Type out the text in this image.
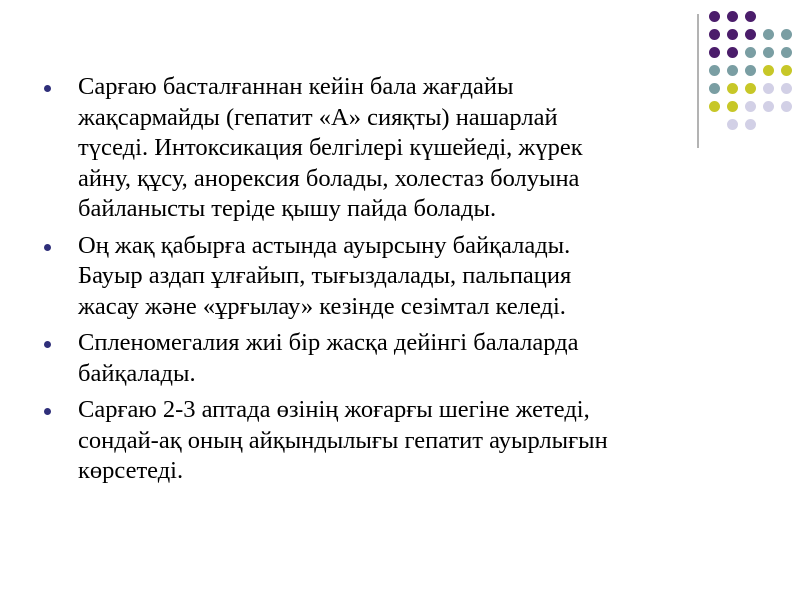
Сарғаю басталғаннан кейін бала жағдайы
жақсармайды (гепатит «А» сияқты) нашарлай
түседі. Интоксикация белгілері күшейеді, жүрек
айну, құсу, анорексия болады, холестаз болуына
байланысты теріде қышу пайда болады.
Оң жақ қабырға астында ауырсыну байқалады.
Бауыр аздап ұлғайып, тығыздалады, пальпация
жасау және «ұрғылау» кезінде сезімтал келеді.
Спленомегалия жиі бір жасқа дейінгі балаларда
байқалады.
Сарғаю 2-3 аптада өзінің жоғарғы шегіне жетеді,
сондай-ақ оның айқындылығы гепатит ауырлығын
көрсетеді.
